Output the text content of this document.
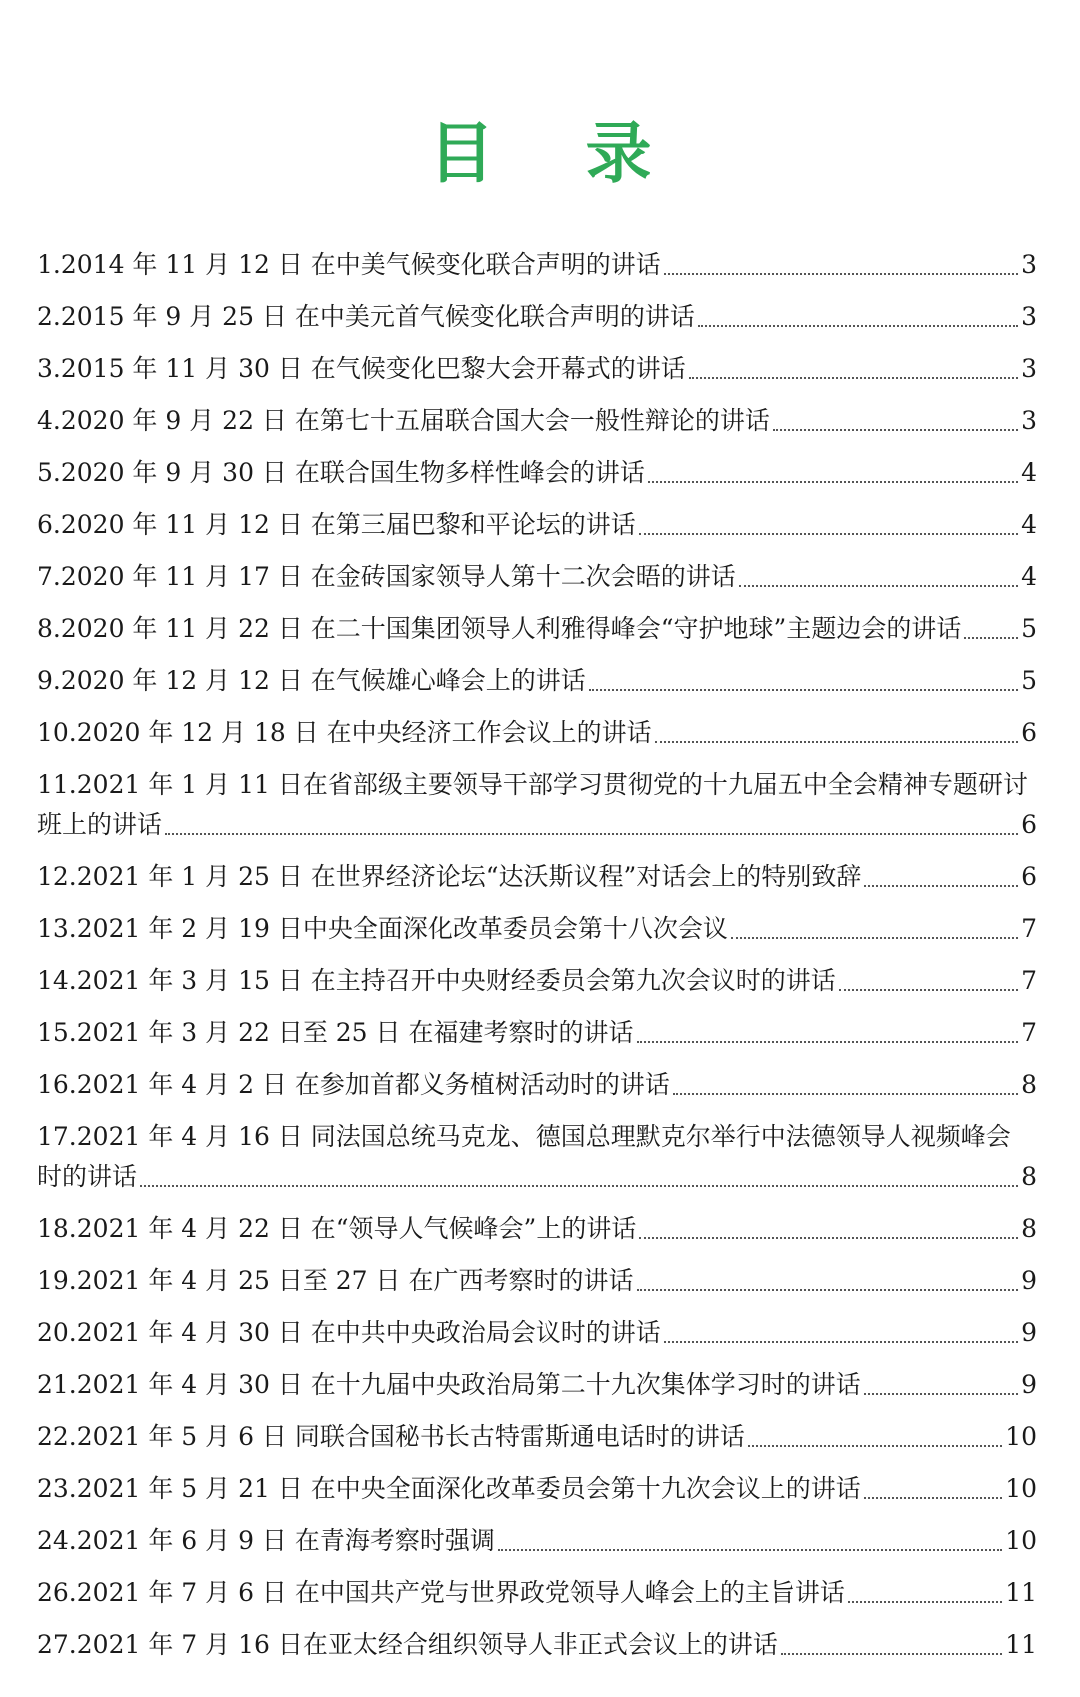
目 录
1.2014 年 11 月 12 日 在中美气候变化联合声明的讲话	3
2.2015 年 9 月 25 日 在中美元首气候变化联合声明的讲话	3
3.2015 年 11 月 30 日 在气候变化巴黎大会开幕式的讲话	3
4.2020 年 9 月 22 日 在第七十五届联合国大会一般性辩论的讲话	3
5.2020 年 9 月 30 日 在联合国生物多样性峰会的讲话	4
6.2020 年 11 月 12 日 在第三届巴黎和平论坛的讲话	4
7.2020 年 11 月 17 日 在金砖国家领导人第十二次会晤的讲话	4
8.2020 年 11 月 22 日 在二十国集团领导人利雅得峰会“守护地球”主题边会的讲话 5
9.2020 年 12 月 12 日 在气候雄心峰会上的讲话	5
10.2020 年 12 月 18 日 在中央经济工作会议上的讲话	6
11.2021 年 1 月 11 日在省部级主要领导干部学习贯彻党的十九届五中全会精神专题研讨
班上的讲话	6
12.2021 年 1 月 25 日 在世界经济论坛“达沃斯议程”对话会上的特别致辞	6
13.2021 年 2 月 19 日中央全面深化改革委员会第十八次会议	7
14.2021 年 3 月 15 日 在主持召开中央财经委员会第九次会议时的讲话	7
15.2021 年 3 月 22 日至 25 日 在福建考察时的讲话	7
16.2021 年 4 月 2 日 在参加首都义务植树活动时的讲话	8
17.2021 年 4 月 16 日 同法国总统马克龙、德国总理默克尔举行中法德领导人视频峰会
时的讲话	8
18.2021 年 4 月 22 日 在“领导人气候峰会”上的讲话	8
19.2021 年 4 月 25 日至 27 日 在广西考察时的讲话	9
20.2021 年 4 月 30 日 在中共中央政治局会议时的讲话	9
21.2021 年 4 月 30 日 在十九届中央政治局第二十九次集体学习时的讲话	9
22.2021 年 5 月 6 日 同联合国秘书长古特雷斯通电话时的讲话	10
23.2021 年 5 月 21 日 在中央全面深化改革委员会第十九次会议上的讲话	10
24.2021 年 6 月 9 日 在青海考察时强调	10
26.2021 年 7 月 6 日 在中国共产党与世界政党领导人峰会上的主旨讲话	11
27.2021 年 7 月 16 日在亚太经合组织领导人非正式会议上的讲话	11
